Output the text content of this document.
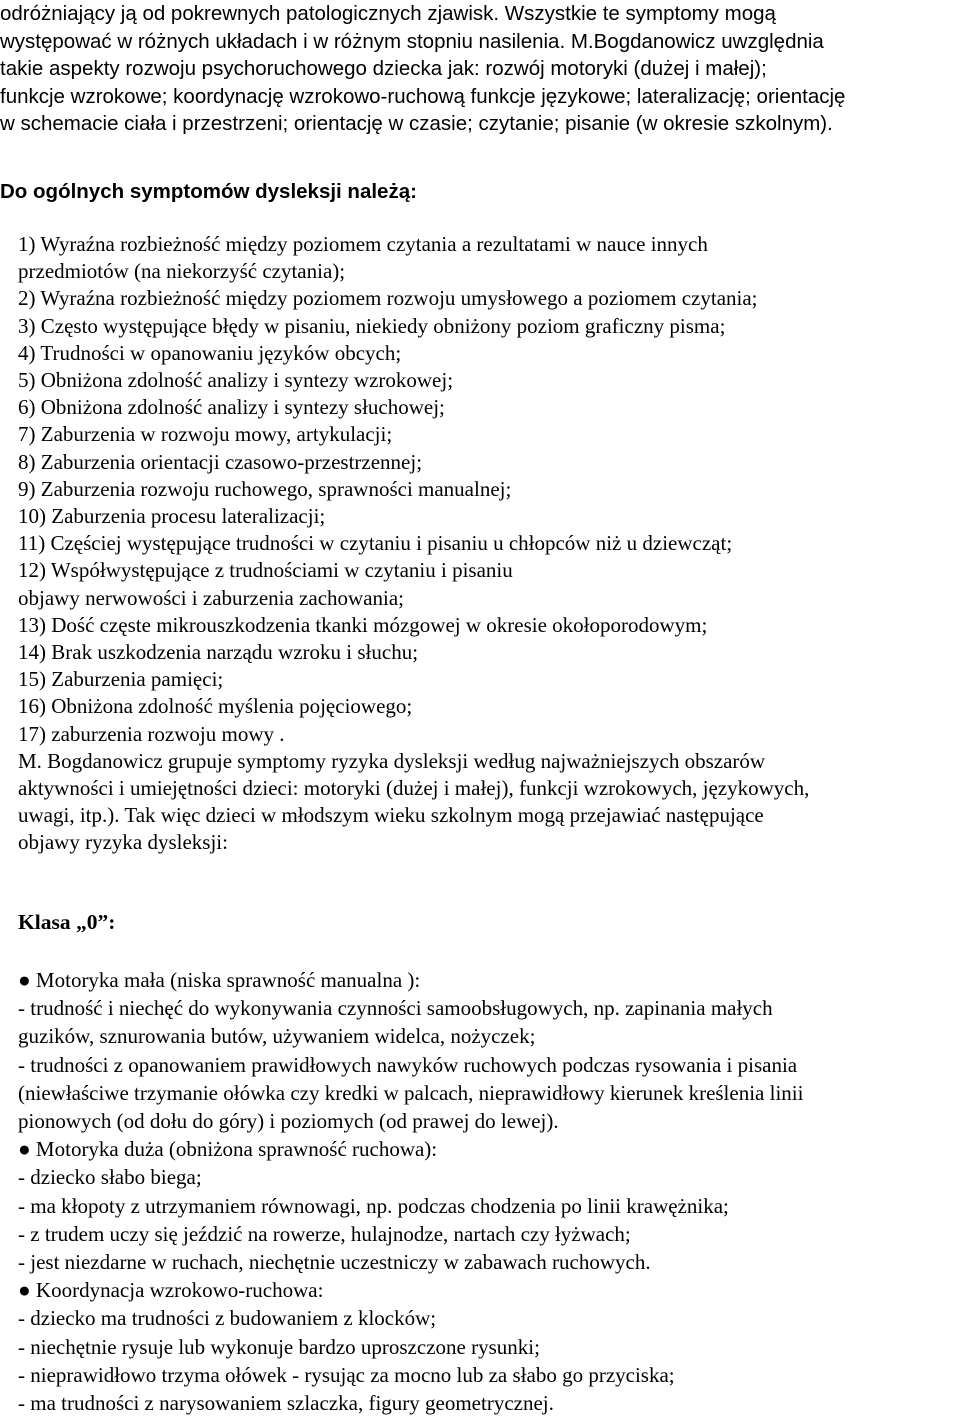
odróżniający ją od pokrewnych patologicznych zjawisk. Wszystkie te symptomy mogą
występować w różnych układach i w różnym stopniu nasilenia. M.Bogdanowicz uwzględnia
takie aspekty rozwoju psychoruchowego dziecka jak: rozwój motoryki (dużej i małej);
funkcje wzrokowe; koordynację wzrokowo-ruchową funkcje językowe; lateralizację; orientację
w schemacie ciała i przestrzeni; orientację w czasie; czytanie; pisanie (w okresie szkolnym).
Do ogólnych symptomów dysleksji należą:
1) Wyraźna rozbieżność między poziomem czytania a rezultatami w nauce innych
przedmiotów (na niekorzyść czytania);
2) Wyraźna rozbieżność między poziomem rozwoju umysłowego a poziomem czytania;
3) Często występujące błędy w pisaniu, niekiedy obniżony poziom graficzny pisma;
4) Trudności w opanowaniu języków obcych;
5) Obniżona zdolność analizy i syntezy wzrokowej;
6) Obniżona zdolność analizy i syntezy słuchowej;
7) Zaburzenia w rozwoju mowy, artykulacji;
8) Zaburzenia orientacji czasowo-przestrzennej;
9) Zaburzenia rozwoju ruchowego, sprawności manualnej;
10) Zaburzenia procesu lateralizacji;
11) Częściej występujące trudności w czytaniu i pisaniu u chłopców niż u dziewcząt;
12) Współwystępujące z trudnościami w czytaniu i pisaniu
objawy nerwowości i zaburzenia zachowania;
13) Dość częste mikrouszkodzenia tkanki mózgowej w okresie okołoporodowym;
14) Brak uszkodzenia narządu wzroku i słuchu;
15) Zaburzenia pamięci;
16) Obniżona zdolność myślenia pojęciowego;
17) zaburzenia rozwoju mowy .
M. Bogdanowicz grupuje symptomy ryzyka dysleksji według najważniejszych obszarów
aktywności i umiejętności dzieci: motoryki (dużej i małej), funkcji wzrokowych, językowych,
uwagi, itp.). Tak więc dzieci w młodszym wieku szkolnym mogą przejawiać następujące
objawy ryzyka dysleksji:
Klasa „0”:
● Motoryka mała (niska sprawność manualna ):
- trudność i niechęć do wykonywania czynności samoobsługowych, np. zapinania małych
guzików, sznurowania butów, używaniem widelca, nożyczek;
- trudności z opanowaniem prawidłowych nawyków ruchowych podczas rysowania i pisania
(niewłaściwe trzymanie ołówka czy kredki w palcach, nieprawidłowy kierunek kreślenia linii
pionowych (od dołu do góry) i poziomych (od prawej do lewej).
● Motoryka duża (obniżona sprawność ruchowa):
- dziecko słabo biega;
- ma kłopoty z utrzymaniem równowagi, np. podczas chodzenia po linii krawężnika;
- z trudem uczy się jeździć na rowerze, hulajnodze, nartach czy łyżwach;
- jest niezdarne w ruchach, niechętnie uczestniczy w zabawach ruchowych.
● Koordynacja wzrokowo-ruchowa:
- dziecko ma trudności z budowaniem z klocków;
- niechętnie rysuje lub wykonuje bardzo uproszczone rysunki;
- nieprawidłowo trzyma ołówek - rysując za mocno lub za słabo go przyciska;
- ma trudności z narysowaniem szlaczka, figury geometrycznej.
